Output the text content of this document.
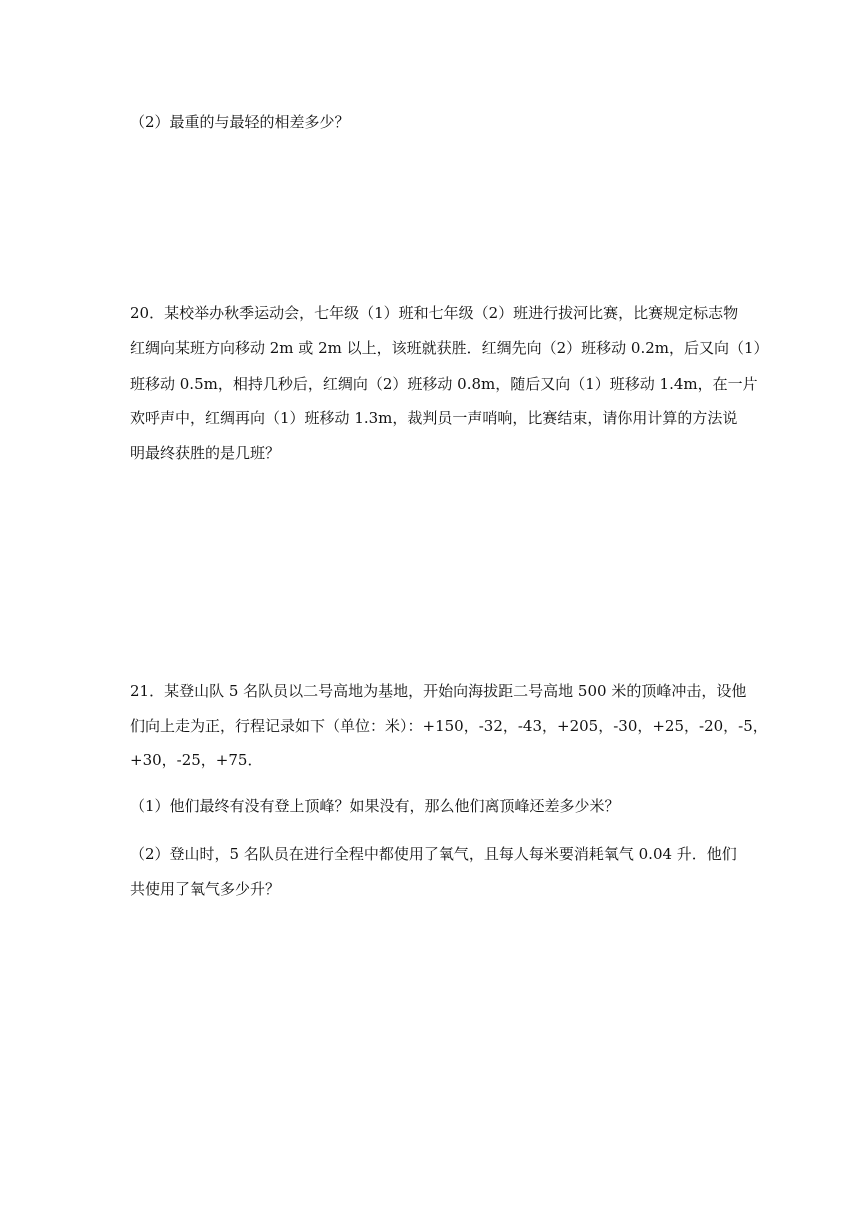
（2）最重的与最轻的相差多少？
20．某校举办秋季运动会，七年级（1）班和七年级（2）班进行拔河比赛，比赛规定标志物
红绸向某班方向移动 2m 或 2m 以上，该班就获胜．红绸先向（2）班移动 0.2m，后又向（1）
班移动 0.5m，相持几秒后，红绸向（2）班移动 0.8m，随后又向（1）班移动 1.4m，在一片
欢呼声中，红绸再向（1）班移动 1.3m，裁判员一声哨响，比赛结束，请你用计算的方法说
明最终获胜的是几班？
21．某登山队 5 名队员以二号高地为基地，开始向海拔距二号高地 500 米的顶峰冲击，设他
们向上走为正，行程记录如下（单位：米）：+150，-32，-43，+205，-30，+25，-20，-5，
+30，-25，+75．
（1）他们最终有没有登上顶峰？如果没有，那么他们离顶峰还差多少米？
（2）登山时，5 名队员在进行全程中都使用了氧气，且每人每米要消耗氧气 0.04 升．他们
共使用了氧气多少升？
